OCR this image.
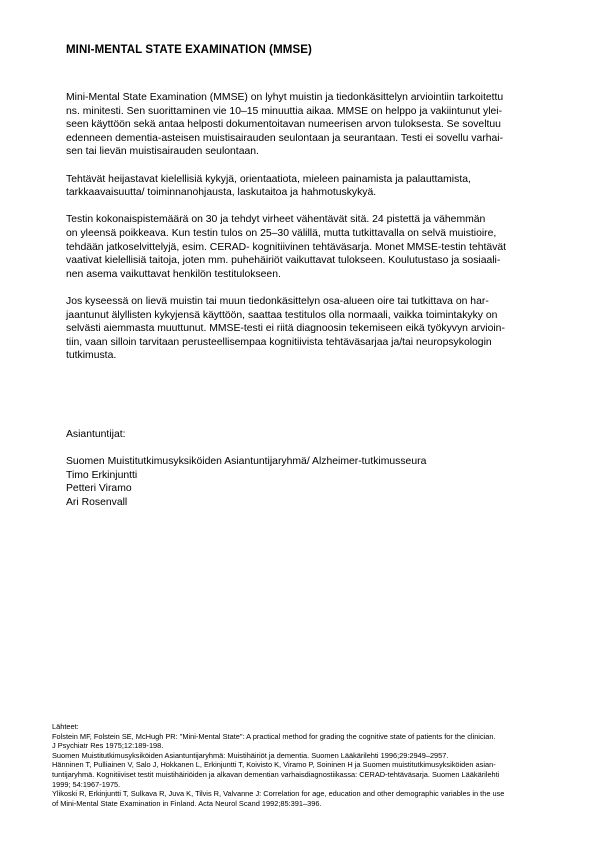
MINI-MENTAL STATE EXAMINATION (MMSE)

Mini-Mental State Examination (MMSE) on lyhyt muistin ja tiedonkäsittelyn arviointiin tarkoitettu
ns. minitesti. Sen suorittaminen vie 10–15 minuuttia aikaa. MMSE on helppo ja vakiintunut ylei-
seen käyttöön sekä antaa helposti dokumentoitavan numeerisen arvon tuloksesta. Se soveltuu
edenneen dementia-asteisen muistisairauden seulontaan ja seurantaan. Testi ei sovellu varhai-
sen tai lievän muistisairauden seulontaan.

Tehtävät heijastavat kielellisiä kykyjä, orientaatiota, mieleen painamista ja palauttamista,
tarkkaavaisuutta/ toiminnanohjausta, laskutaitoa ja hahmotuskykyä.

Testin kokonaispistemäärä on 30 ja tehdyt virheet vähentävät sitä. 24 pistettä ja vähemmän
on yleensä poikkeava. Kun testin tulos on 25–30 välillä, mutta tutkittavalla on selvä muistioire,
tehdään jatkoselvittelyjä, esim. CERAD- kognitiivinen tehtäväsarja. Monet MMSE-testin tehtävät
vaativat kielellisiä taitoja, joten mm. puhehäiriöt vaikuttavat tulokseen. Koulutustaso ja sosiaali-
nen asema vaikuttavat henkilön testitulokseen.

Jos kyseessä on lievä muistin tai muun tiedonkäsittelyn osa-alueen oire tai tutkittava on har-
jaantunut älyllisten kykyjensä käyttöön, saattaa testitulos olla normaali, vaikka toimintakyky on
selvästi aiemmasta muuttunut. MMSE-testi ei riitä diagnoosin tekemiseen eikä työkyvyn arvioin-
tiin, vaan silloin tarvitaan perusteellisempaa kognitiivista tehtäväsarjaa ja/tai neuropsykologin
tutkimusta.

Asiantuntijat:
Suomen Muistitutkimusyksiköiden Asiantuntijaryhmä/ Alzheimer-tutkimusseura
Timo Erkinjuntti
Petteri Viramo
Ari Rosenvall
Lähteet:
Folstein MF, Folstein SE, McHugh PR: "Mini-Mental State": A practical method for grading the cognitive state of patients for the clinician.
J Psychiatr Res 1975;12:189-198.
Suomen Muistitutkimusyksiköiden Asiantuntijaryhmä: Muistihäiriöt ja dementia. Suomen Lääkärilehti 1996;29:2949–2957.
Hänninen T, Pulliainen V, Salo J, Hokkanen L, Erkinjuntti T, Koivisto K, Viramo P, Soininen H ja Suomen muistitutkimusyksiköiden asian-
tuntijaryhmä. Kognitiiviset testit muistihäiriöiden ja alkavan dementian varhaisdiagnostiikassa: CERAD-tehtäväsarja. Suomen Lääkärilehti
1999; 54:1967-1975.
Ylikoski R, Erkinjuntti T, Sulkava R, Juva K, Tilvis R, Valvanne J: Correlation for age, education and other demographic variables in the use
of Mini-Mental State Examination in Finland. Acta Neurol Scand 1992;85:391–396.
